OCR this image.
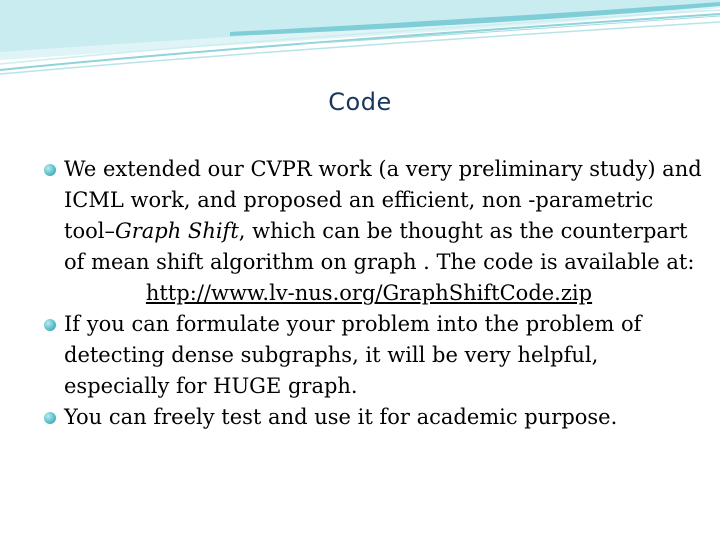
Code
We extended our CVPR work (a very preliminary study) and ICML work, and proposed an efficient, non -parametric tool–Graph Shift, which can be thought as the counterpart of mean shift algorithm on graph . The code is available at:
http://www.lv-nus.org/GraphShiftCode.zip
If you can formulate your problem into the problem of detecting dense subgraphs, it will be very helpful, especially for HUGE graph.
You can freely test and use it for academic purpose.
